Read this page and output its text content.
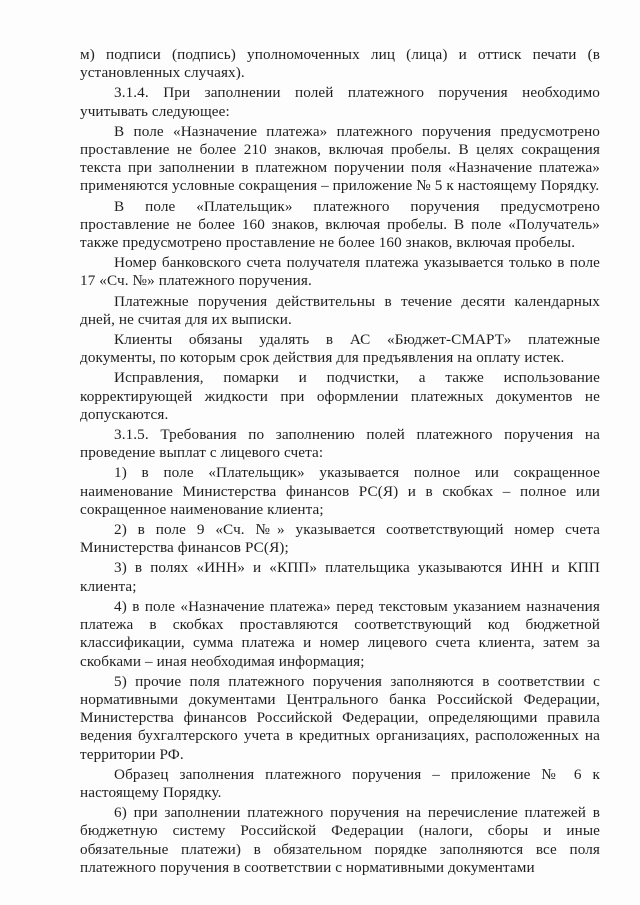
м) подписи (подпись) уполномоченных лиц (лица) и оттиск печати (в установленных случаях).

3.1.4. При заполнении полей платежного поручения необходимо учитывать следующее:

В поле «Назначение платежа» платежного поручения предусмотрено проставление не более 210 знаков, включая пробелы. В целях сокращения текста при заполнении в платежном поручении поля «Назначение платежа» применяются условные сокращения – приложение № 5 к настоящему Порядку.

В поле «Плательщик» платежного поручения предусмотрено проставление не более 160 знаков, включая пробелы. В поле «Получатель» также предусмотрено проставление не более 160 знаков, включая пробелы.

Номер банковского счета получателя платежа указывается только в поле 17 «Сч. №» платежного поручения.

Платежные поручения действительны в течение десяти календарных дней, не считая для их выписки.

Клиенты обязаны удалять в АС «Бюджет-СМАРТ» платежные документы, по которым срок действия для предъявления на оплату истек.

Исправления, помарки и подчистки, а также использование корректирующей жидкости при оформлении платежных документов не допускаются.

3.1.5. Требования по заполнению полей платежного поручения на проведение выплат с лицевого счета:

1) в поле «Плательщик» указывается полное или сокращенное наименование Министерства финансов РС(Я) и в скобках – полное или сокращенное наименование клиента;

2) в поле 9 «Сч. №» указывается соответствующий номер счета Министерства финансов РС(Я);

3) в полях «ИНН» и «КПП» плательщика указываются ИНН и КПП клиента;

4) в поле «Назначение платежа» перед текстовым указанием назначения платежа в скобках проставляются соответствующий код бюджетной классификации, сумма платежа и номер лицевого счета клиента, затем за скобками – иная необходимая информация;

5) прочие поля платежного поручения заполняются в соответствии с нормативными документами Центрального банка Российской Федерации, Министерства финансов Российской Федерации, определяющими правила ведения бухгалтерского учета в кредитных организациях, расположенных на территории РФ.

Образец заполнения платежного поручения – приложение № 6 к настоящему Порядку.

6) при заполнении платежного поручения на перечисление платежей в бюджетную систему Российской Федерации (налоги, сборы и иные обязательные платежи) в обязательном порядке заполняются все поля платежного поручения в соответствии с нормативными документами
